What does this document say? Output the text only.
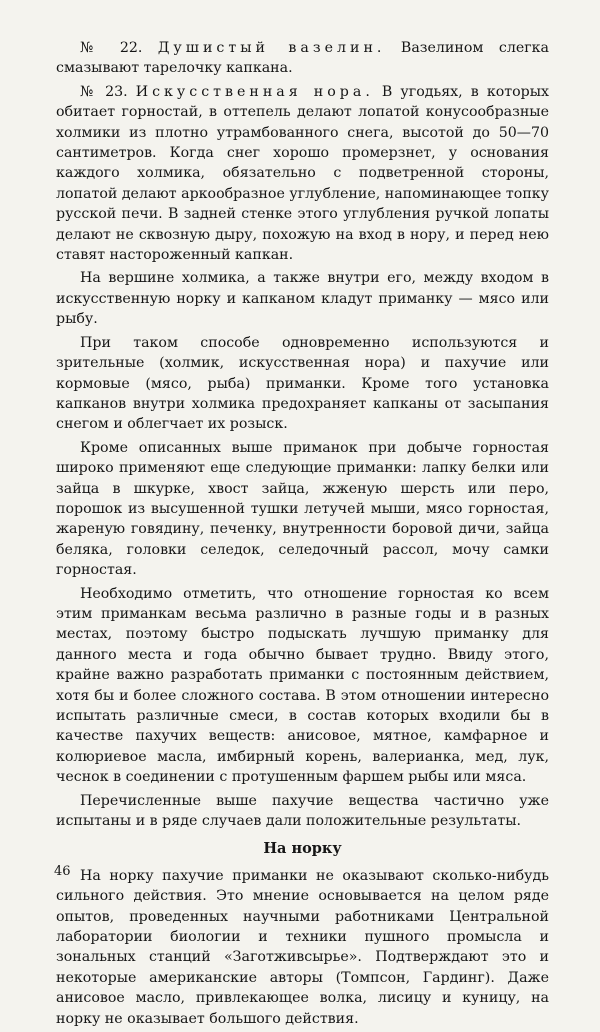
№ 22. Душистый вазелин. Вазелином слегка смазывают тарелочку капкана.

№ 23. Искусственная нора. В угодьях, в которых обитает горностай, в оттепель делают лопатой конусообразные холмики из плотно утрамбованного снега, высотой до 50—70 сантиметров. Когда снег хорошо промерзнет, у основания каждого холмика, обязательно с подветренной стороны, лопатой делают аркообразное углубление, напоминающее топку русской печи. В задней стенке этого углубления ручкой лопаты делают не сквозную дыру, похожую на вход в нору, и перед нею ставят настороженный капкан.

На вершине холмика, а также внутри его, между входом в искусственную норку и капканом кладут приманку — мясо или рыбу.

При таком способе одновременно используются и зрительные (холмик, искусственная нора) и пахучие или кормовые (мясо, рыба) приманки. Кроме того установка капканов внутри холмика предохраняет капканы от засыпания снегом и облегчает их розыск.

Кроме описанных выше приманок при добыче горностая широко применяют еще следующие приманки: лапку белки или зайца в шкурке, хвост зайца, жженую шерсть или перо, порошок из высушенной тушки летучей мыши, мясо горностая, жареную говядину, печенку, внутренности боровой дичи, зайца беляка, головки селедок, селедочный рассол, мочу самки горностая.

Необходимо отметить, что отношение горностая ко всем этим приманкам весьма различно в разные годы и в разных местах, поэтому быстро подыскать лучшую приманку для данного места и года обычно бывает трудно. Ввиду этого, крайне важно разработать приманки с постоянным действием, хотя бы и более сложного состава. В этом отношении интересно испытать различные смеси, в состав которых входили бы в качестве пахучих веществ: анисовое, мятное, камфарное и колюриевое масла, имбирный корень, валерианка, мед, лук, чеснок в соединении с протушенным фаршем рыбы или мяса.

Перечисленные выше пахучие вещества частично уже испытаны и в ряде случаев дали положительные результаты.

На норку

На норку пахучие приманки не оказывают сколько-нибудь сильного действия. Это мнение основывается на целом ряде опытов, проведенных научными работниками Центральной лаборатории биологии и техники пушного промысла и зональных станций «Заготживсырье». Подтверждают это и некоторые американские авторы (Томпсон, Гардинг). Даже анисовое масло, привлекающее волка, лисицу и куницу, на норку не оказывает большого действия.

46
